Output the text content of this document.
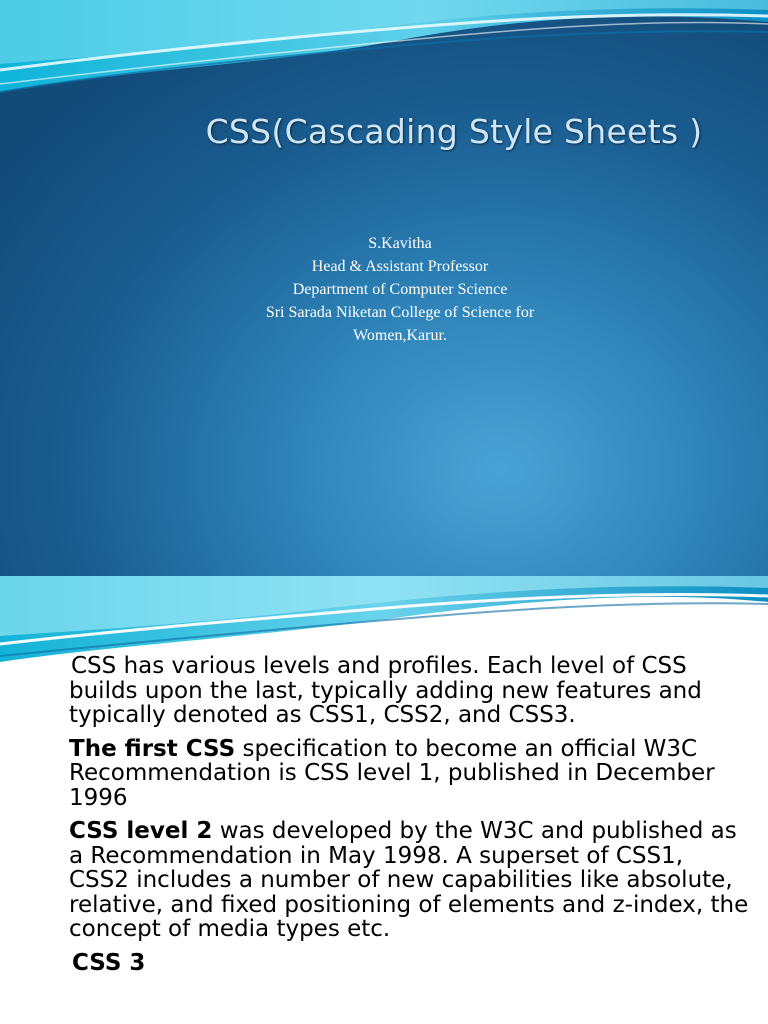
CSS(Cascading Style Sheets )
S.Kavitha
Head & Assistant Professor
Department of Computer Science
Sri Sarada Niketan College of Science for
Women,Karur.

CSS has various levels and profiles. Each level of CSS builds upon the last, typically adding new features and typically denoted as CSS1, CSS2, and CSS3.

The first CSS specification to become an official W3C Recommendation is CSS level 1, published in December 1996

CSS level 2 was developed by the W3C and published as a Recommendation in May 1998. A superset of CSS1, CSS2 includes a number of new capabilities like absolute, relative, and fixed positioning of elements and z-index, the concept of media types etc.

CSS 3
